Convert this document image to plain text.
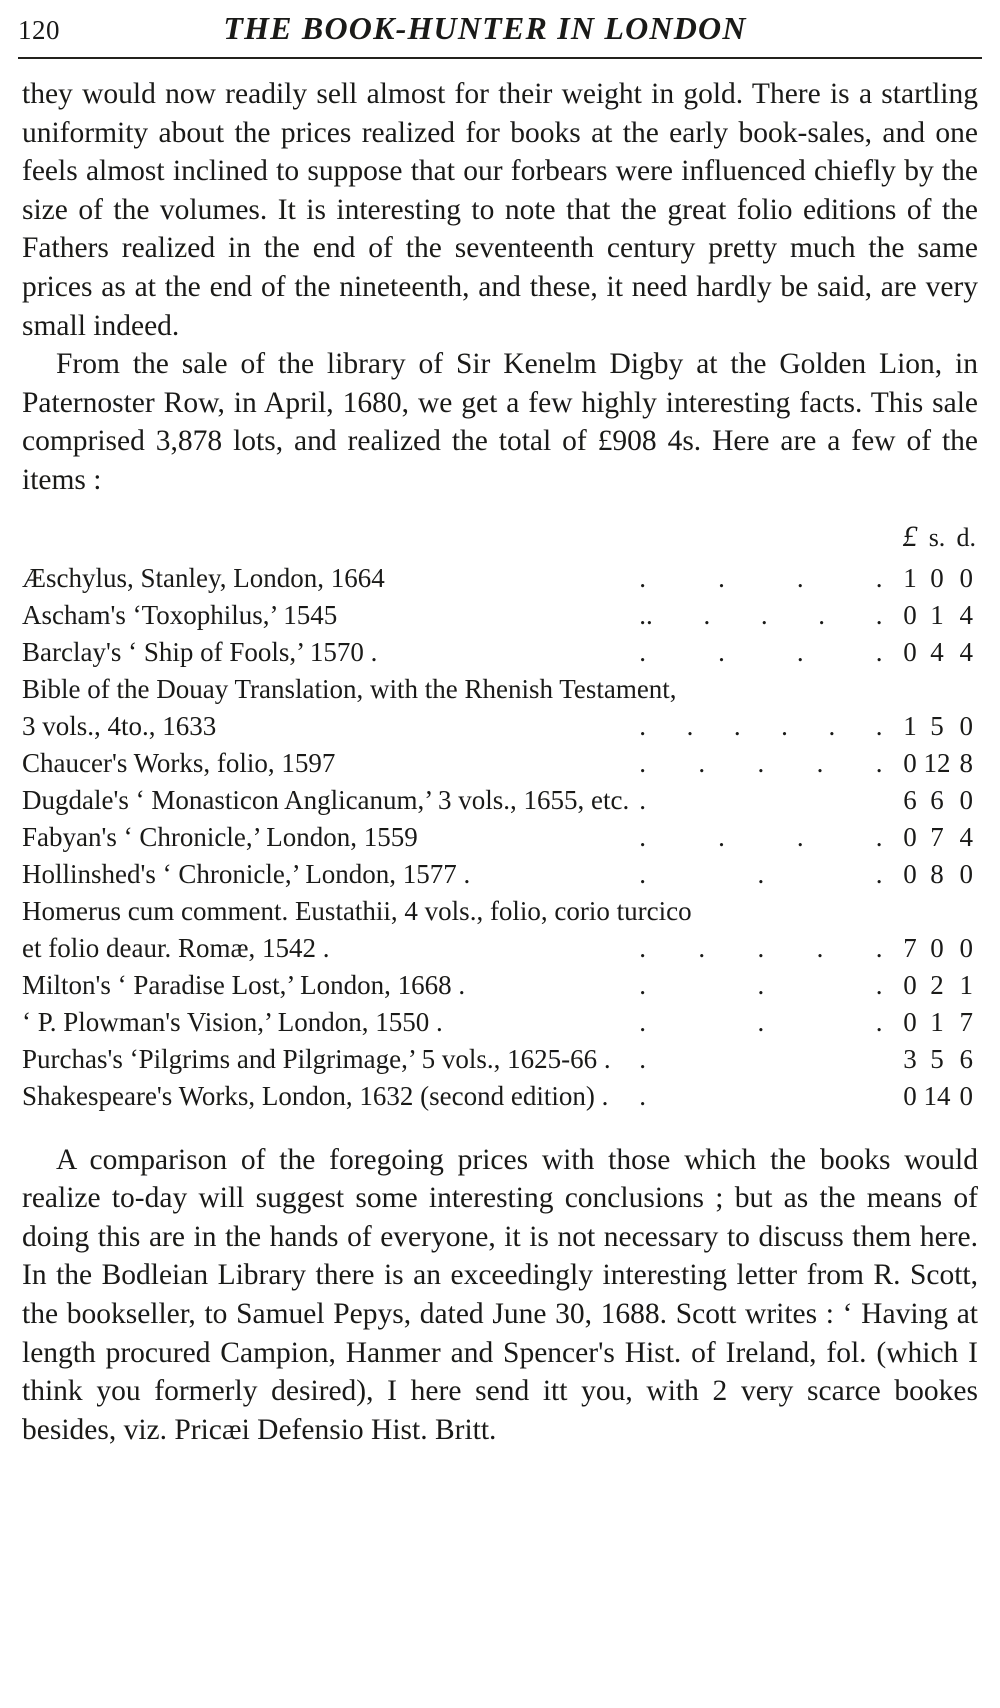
120	THE BOOK-HUNTER IN LONDON

they would now readily sell almost for their weight in gold. There is a startling uniformity about the prices realized for books at the early book-sales, and one feels almost inclined to suppose that our forbears were influenced chiefly by the size of the volumes. It is interesting to note that the great folio editions of the Fathers realized in the end of the seventeenth century pretty much the same prices as at the end of the nineteenth, and these, it need hardly be said, are very small indeed.

From the sale of the library of Sir Kenelm Digby at the Golden Lion, in Paternoster Row, in April, 1680, we get a few highly interesting facts. This sale comprised 3,878 lots, and realized the total of £908 4s. Here are a few of the items :

		£	s.	d.
Æschylus, Stanley, London, 1664	. . . .	1	0	0
Ascham's ‘Toxophilus,’ 1545	.. . . . .	0	1	4
Barclay's ‘ Ship of Fools,’ 1570 .	. . . .	0	4	4
Bible of the Douay Translation, with the Rhenish Testament,				
3 vols., 4to., 1633	. . . . . .	1	5	0
Chaucer's Works, folio, 1597	. . . . .	0	12	8
Dugdale's ‘ Monasticon Anglicanum,’ 3 vols., 1655, etc.	.	6	6	0
Fabyan's ‘ Chronicle,’ London, 1559	. . . .	0	7	4
Hollinshed's ‘ Chronicle,’ London, 1577 .	. . .	0	8	0
Homerus cum comment. Eustathii, 4 vols., folio, corio turcico				
et folio deaur. Romæ, 1542 .	. . . . .	7	0	0
Milton's ‘ Paradise Lost,’ London, 1668 .	. . .	0	2	1
‘ P. Plowman's Vision,’ London, 1550 .	. . .	0	1	7
Purchas's ‘Pilgrims and Pilgrimage,’ 5 vols., 1625-66 .	.	3	5	6
Shakespeare's Works, London, 1632 (second edition) .	.	0	14	0

A comparison of the foregoing prices with those which the books would realize to-day will suggest some interesting conclusions ; but as the means of doing this are in the hands of everyone, it is not necessary to discuss them here. In the Bodleian Library there is an exceedingly interesting letter from R. Scott, the bookseller, to Samuel Pepys, dated June 30, 1688. Scott writes : ‘ Having at length procured Campion, Hanmer and Spencer's Hist. of Ireland, fol. (which I think you formerly desired), I here send itt you, with 2 very scarce bookes besides, viz. Pricæi Defensio Hist. Britt.
